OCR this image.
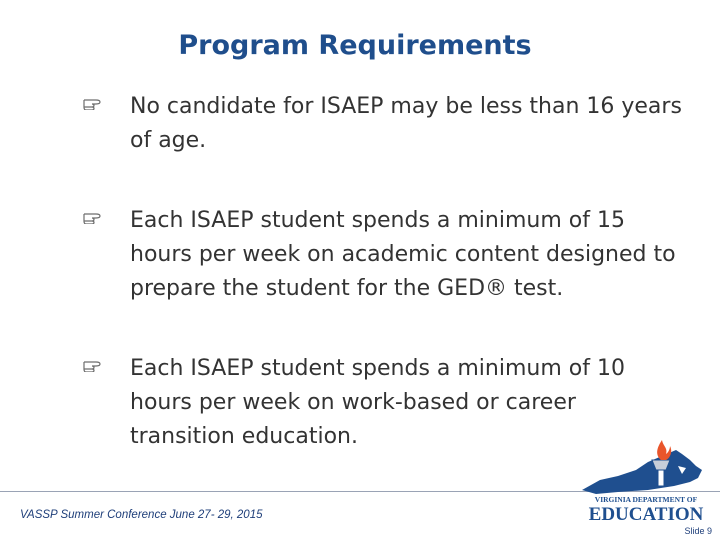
Program Requirements
No candidate for ISAEP may be less than 16 years of age.
Each ISAEP student spends a minimum of 15 hours per week on academic content designed to prepare the student for the GED® test.
Each ISAEP student spends a minimum of 10 hours per week on work-based or career transition education.
VASSP Summer Conference June 27- 29, 2015
Slide 9
VIRGINIA DEPARTMENT OF
EDUCATION
